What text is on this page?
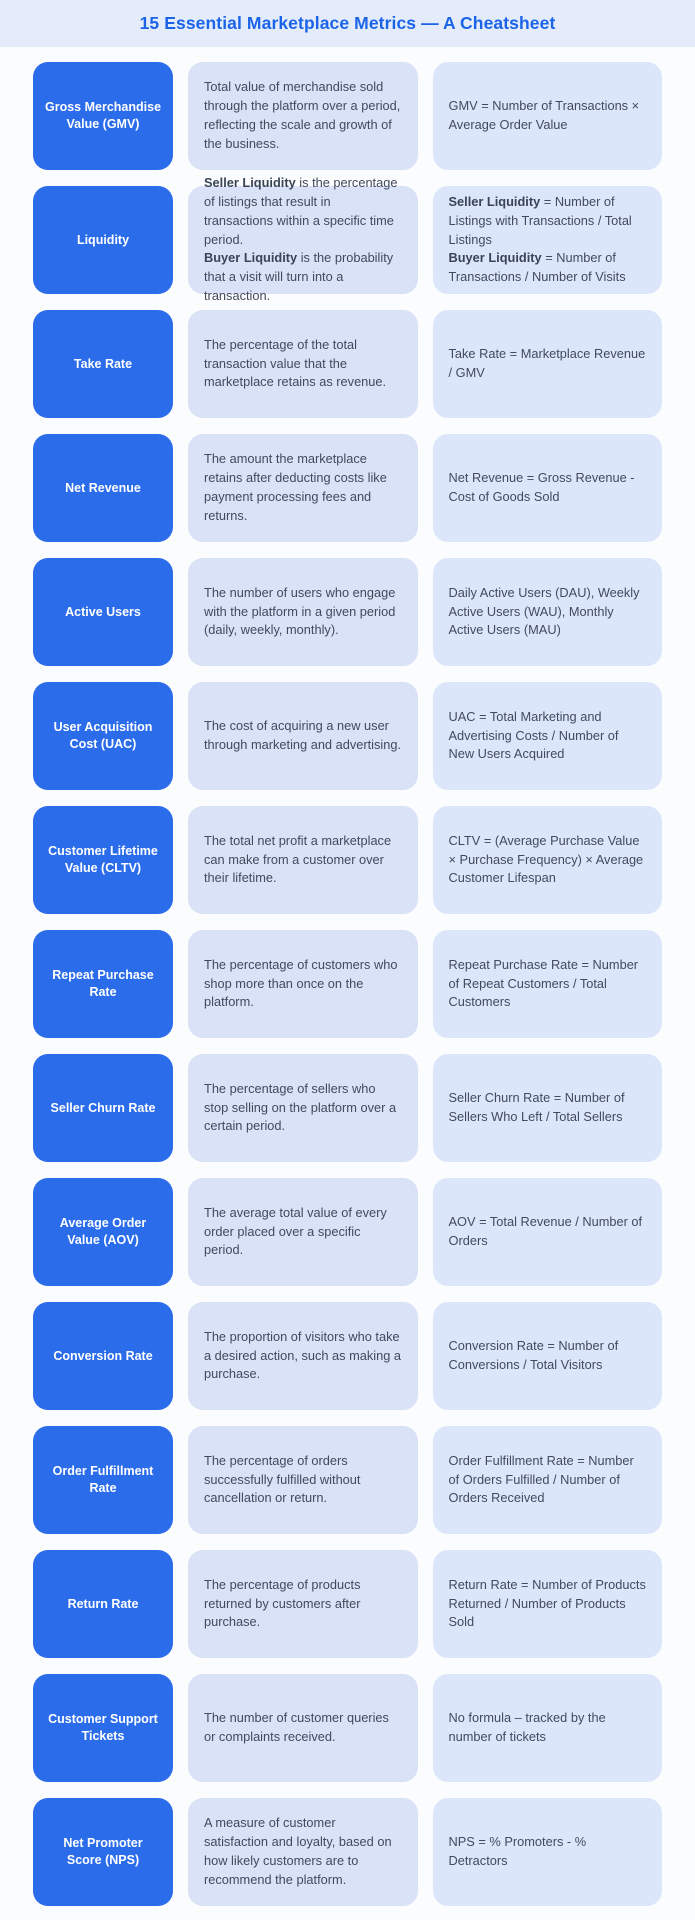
15 Essential Marketplace Metrics — A Cheatsheet
Gross Merchandise Value (GMV)

Total value of merchandise sold through the platform over a period, reflecting the scale and growth of the business.

GMV = Number of Transactions × Average Order Value

Liquidity

Seller Liquidity is the percentage of listings that result in transactions within a specific time period.
Buyer Liquidity is the probability that a visit will turn into a transaction.

Seller Liquidity = Number of Listings with Transactions / Total Listings
Buyer Liquidity = Number of Transactions / Number of Visits

Take Rate

The percentage of the total transaction value that the marketplace retains as revenue.

Take Rate = Marketplace Revenue / GMV

Net Revenue

The amount the marketplace retains after deducting costs like payment processing fees and returns.

Net Revenue = Gross Revenue - Cost of Goods Sold

Active Users

The number of users who engage with the platform in a given period (daily, weekly, monthly).

Daily Active Users (DAU), Weekly Active Users (WAU), Monthly Active Users (MAU)

User Acquisition Cost (UAC)

The cost of acquiring a new user through marketing and advertising.

UAC = Total Marketing and Advertising Costs / Number of New Users Acquired

Customer Lifetime Value (CLTV)

The total net profit a marketplace can make from a customer over their lifetime.

CLTV = (Average Purchase Value × Purchase Frequency) × Average Customer Lifespan

Repeat Purchase Rate

The percentage of customers who shop more than once on the platform.

Repeat Purchase Rate = Number of Repeat Customers / Total Customers

Seller Churn Rate

The percentage of sellers who stop selling on the platform over a certain period.

Seller Churn Rate = Number of Sellers Who Left / Total Sellers

Average Order Value (AOV)

The average total value of every order placed over a specific period.

AOV = Total Revenue / Number of Orders

Conversion Rate

The proportion of visitors who take a desired action, such as making a purchase.

Conversion Rate = Number of Conversions / Total Visitors

Order Fulfillment Rate

The percentage of orders successfully fulfilled without cancellation or return.

Order Fulfillment Rate = Number of Orders Fulfilled / Number of Orders Received

Return Rate

The percentage of products returned by customers after purchase.

Return Rate = Number of Products Returned / Number of Products Sold

Customer Support Tickets

The number of customer queries or complaints received.

No formula – tracked by the number of tickets

Net Promoter Score (NPS)

A measure of customer satisfaction and loyalty, based on how likely customers are to recommend the platform.

NPS = % Promoters - % Detractors
